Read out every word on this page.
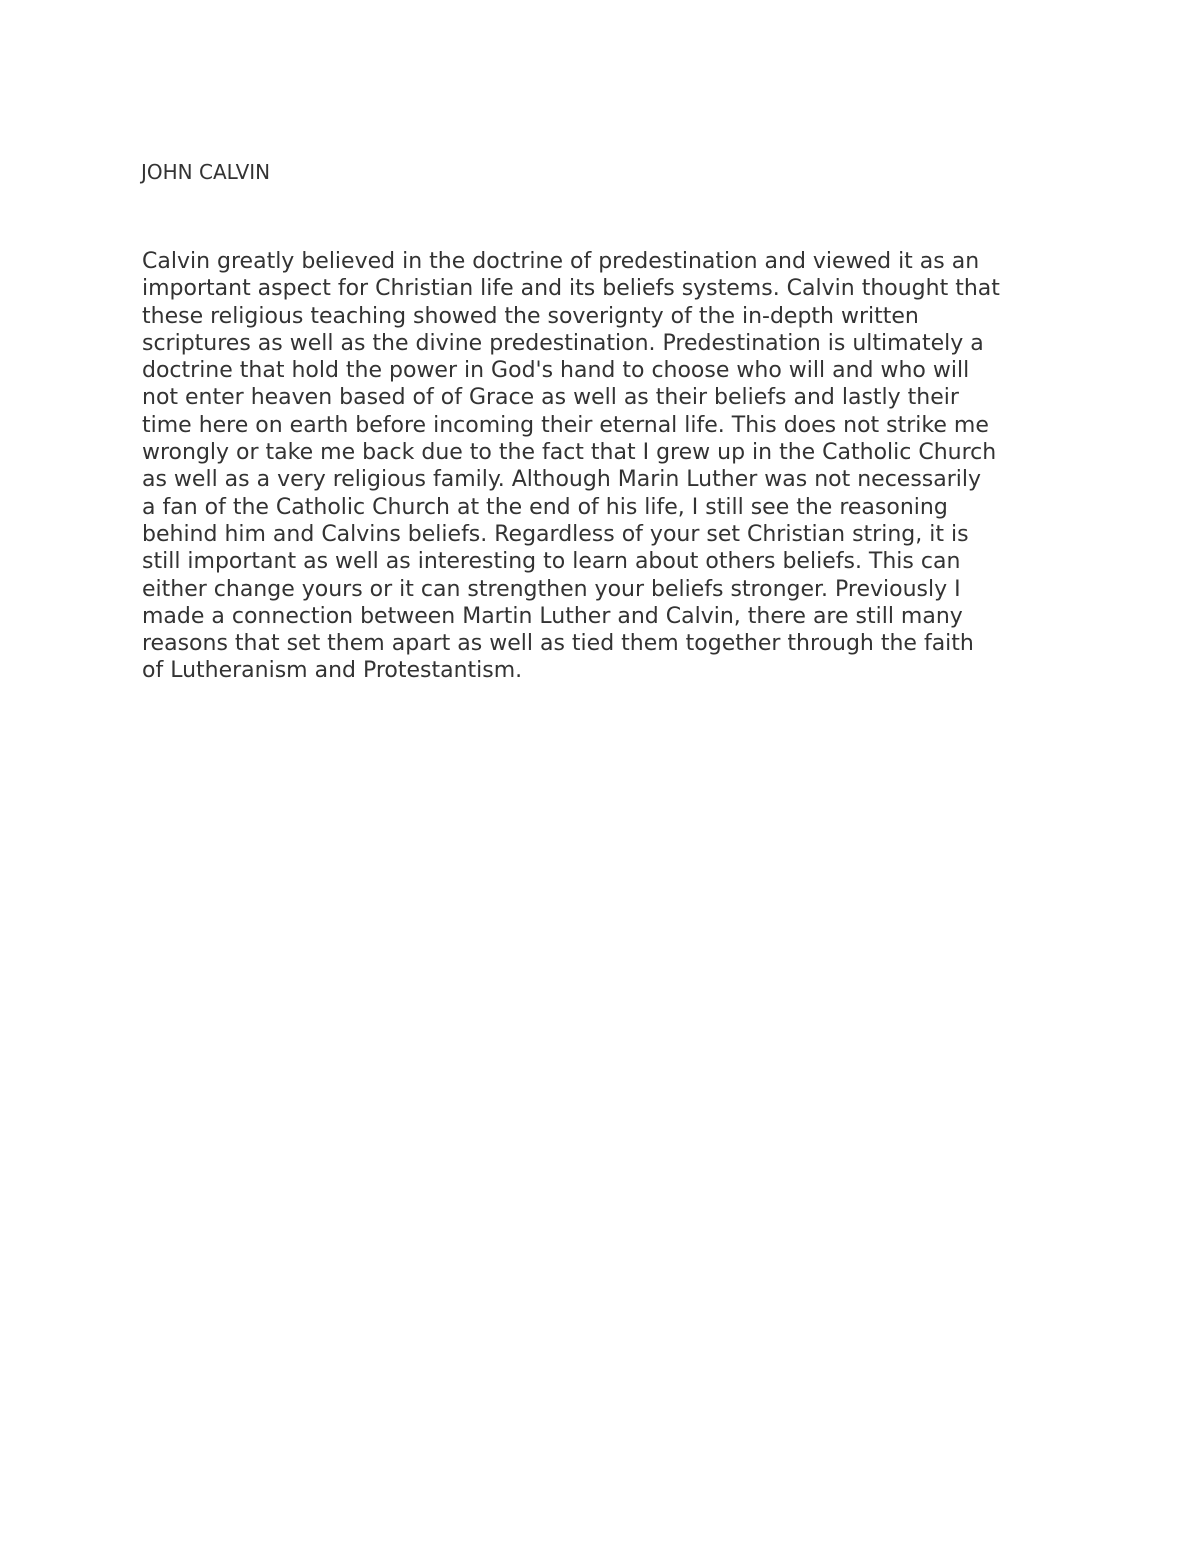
JOHN CALVIN
Calvin greatly believed in the doctrine of predestination and viewed it as an
important aspect for Christian life and its beliefs systems. Calvin thought that
these religious teaching showed the soverignty of the in-depth written
scriptures as well as the divine predestination. Predestination is ultimately a
doctrine that hold the power in God's hand to choose who will and who will
not enter heaven based of of Grace as well as their beliefs and lastly their
time here on earth before incoming their eternal life. This does not strike me
wrongly or take me back due to the fact that I grew up in the Catholic Church
as well as a very religious family. Although Marin Luther was not necessarily
a fan of the Catholic Church at the end of his life, I still see the reasoning
behind him and Calvins beliefs. Regardless of your set Christian string, it is
still important as well as interesting to learn about others beliefs. This can
either change yours or it can strengthen your beliefs stronger. Previously I
made a connection between Martin Luther and Calvin, there are still many
reasons that set them apart as well as tied them together through the faith
of Lutheranism and Protestantism.
